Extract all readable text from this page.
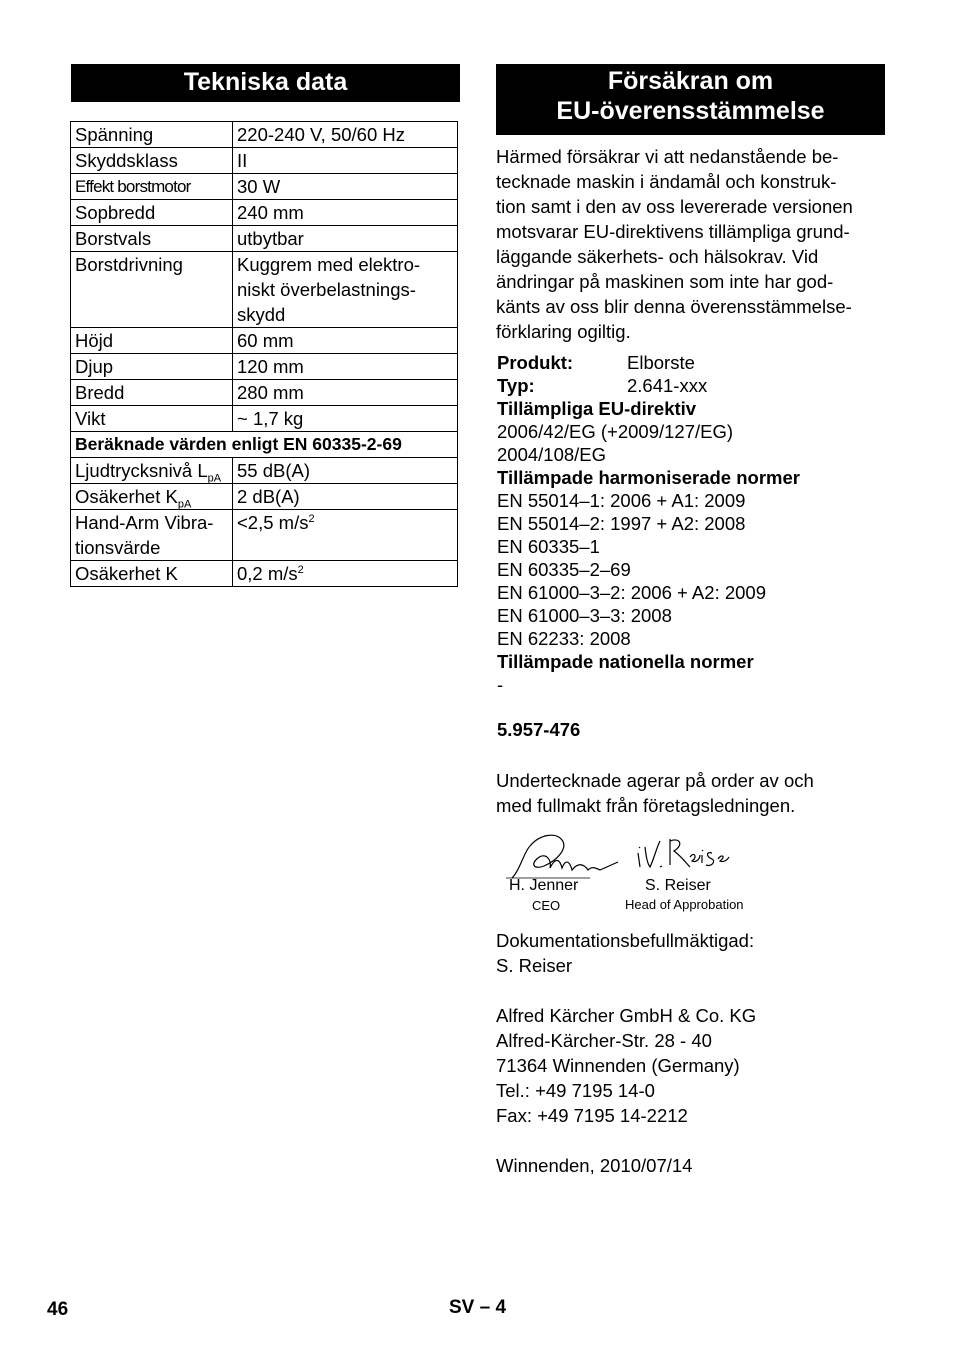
Tekniska data
Spänning	220-240 V, 50/60 Hz
Skyddsklass	II
Effekt borstmotor	30 W
Sopbredd	240 mm
Borstvals	utbytbar
Borstdrivning	Kuggrem med elektro-
niskt överbelastnings-
skydd
Höjd	60 mm
Djup	120 mm
Bredd	280 mm
Vikt	~ 1,7 kg
Beräknade värden enligt EN 60335-2-69	
Ljudtrycksnivå $L_{pA}$	55 dB(A)
Osäkerhet $K_{pA}$	2 dB(A)
Hand-Arm Vibra-
tionsvärde	<2,5 $m/s^2$
Osäkerhet K	0,2 $m/s^2$
Försäkran om
EU-överensstämmelse
Härmed försäkrar vi att nedanstående be-
tecknade maskin i ändamål och konstruk-
tion samt i den av oss levererade versionen
motsvarar EU-direktivens tillämpliga grund-
läggande säkerhets- och hälsokrav. Vid
ändringar på maskinen som inte har god-
känts av oss blir denna överensstämmelse-
förklaring ogiltig.
Produkt:	Elborste
Typ:	2.641-xxx
Tillämpliga EU-direktiv
2006/42/EG (+2009/127/EG)
2004/108/EG
Tillämpade harmoniserade normer
EN 55014–1: 2006 + A1: 2009
EN 55014–2: 1997 + A2: 2008
EN 60335–1
EN 60335–2–69
EN 61000–3–2: 2006 + A2: 2009
EN 61000–3–3: 2008
EN 62233: 2008
Tillämpade nationella normer
-
5.957-476
Undertecknade agerar på order av och
med fullmakt från företagsledningen.
H. Jenner
CEO
S. Reiser
Head of Approbation
Dokumentationsbefullmäktigad:
S. Reiser
Alfred Kärcher GmbH & Co. KG
Alfred-Kärcher-Str. 28 - 40
71364 Winnenden (Germany)
Tel.: +49 7195 14-0
Fax: +49 7195 14-2212
Winnenden, 2010/07/14
46	SV – 4
